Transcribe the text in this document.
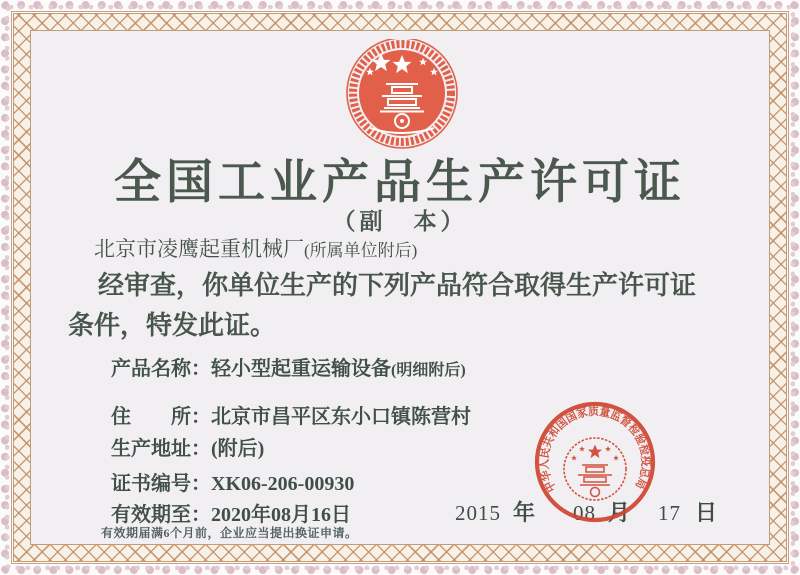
全国工业产品生产许可证
（副　本）
北京市凌鹰起重机械厂(所属单位附后)
经审查，你单位生产的下列产品符合取得生产许可证
条件，特发此证。
产品名称：轻小型起重运输设备(明细附后)
住　　所：北京市昌平区东小口镇陈营村
生产地址：(附后)
证书编号：XK06-206-00930
有效期至：2020年08月16日
有效期届满6个月前，企业应当提出换证申请。
2015 年 08 月 17 日
中华人民共和国国家质量监督检验检疫总局
